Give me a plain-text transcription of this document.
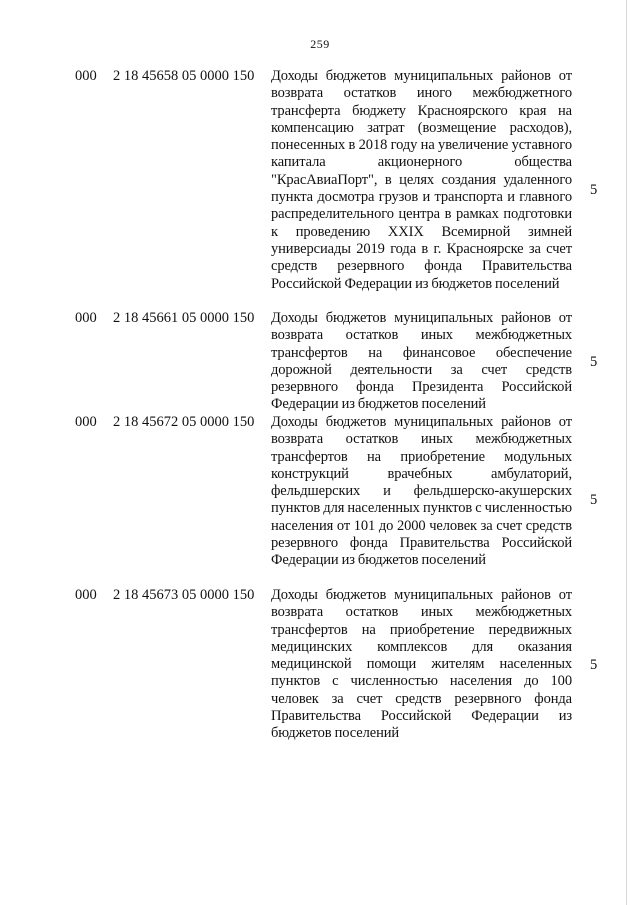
259
000 2 18 45658 05 0000 150 Доходы бюджетов муниципальных районов от возврата остатков иного межбюджетного трансферта бюджету Красноярского края на компенсацию затрат (возмещение расходов), понесенных в 2018 году на увеличение уставного капитала акционерного общества "КрасАвиаПорт", в целях создания удаленного пункта досмотра грузов и транспорта и главного распределительного центра в рамках подготовки к проведению XXIX Всемирной зимней универсиады 2019 года в г. Красноярске за счет средств резервного фонда Правительства Российской Федерации из бюджетов поселений
5
000 2 18 45661 05 0000 150 Доходы бюджетов муниципальных районов от возврата остатков иных межбюджетных трансфертов на финансовое обеспечение дорожной деятельности за счет средств резервного фонда Президента Российской Федерации из бюджетов поселений
5
000 2 18 45672 05 0000 150 Доходы бюджетов муниципальных районов от возврата остатков иных межбюджетных трансфертов на приобретение модульных конструкций врачебных амбулаторий, фельдшерских и фельдшерско-акушерских пунктов для населенных пунктов с численностью населения от 101 до 2000 человек за счет средств резервного фонда Правительства Российской Федерации из бюджетов поселений
5
000 2 18 45673 05 0000 150 Доходы бюджетов муниципальных районов от возврата остатков иных межбюджетных трансфертов на приобретение передвижных медицинских комплексов для оказания медицинской помощи жителям населенных пунктов с численностью населения до 100 человек за счет средств резервного фонда Правительства Российской Федерации из бюджетов поселений
5
